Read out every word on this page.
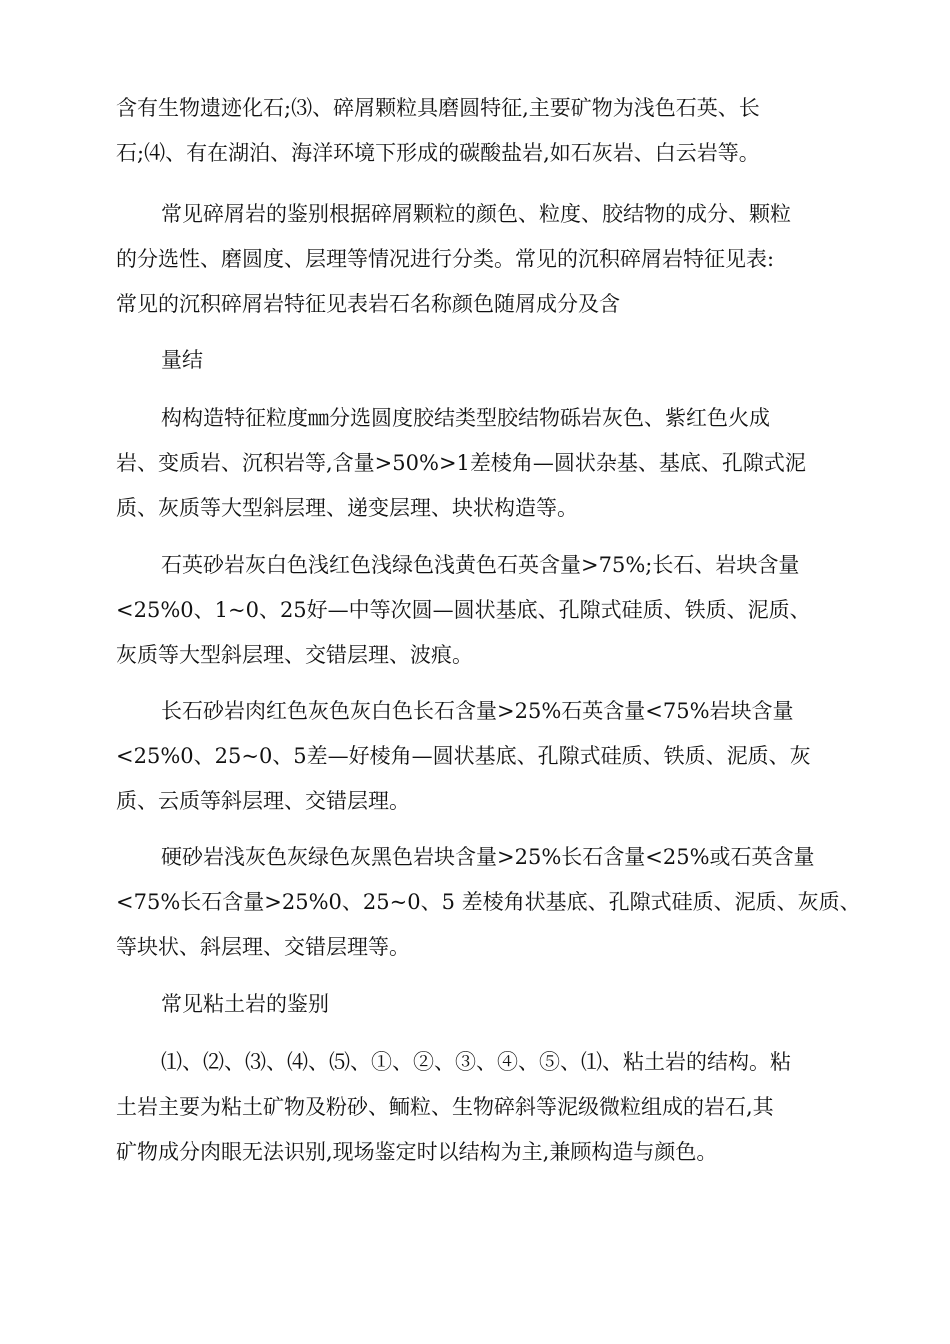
含有生物遗迹化石;⑶、碎屑颗粒具磨圆特征,主要矿物为浅色石英、长
石;⑷、有在湖泊、海洋环境下形成的碳酸盐岩,如石灰岩、白云岩等。
常见碎屑岩的鉴别根据碎屑颗粒的颜色、粒度、胶结物的成分、颗粒
的分选性、磨圆度、层理等情况进行分类。常见的沉积碎屑岩特征见表:
常见的沉积碎屑岩特征见表岩石名称颜色随屑成分及含
量结
构构造特征粒度㎜分选圆度胶结类型胶结物砾岩灰色、紫红色火成
岩、变质岩、沉积岩等,含量>50%>1差棱角—圆状杂基、基底、孔隙式泥
质、灰质等大型斜层理、递变层理、块状构造等。
石英砂岩灰白色浅红色浅绿色浅黄色石英含量>75%;长石、岩块含量
<25%0、1~0、25好—中等次圆—圆状基底、孔隙式硅质、铁质、泥质、
灰质等大型斜层理、交错层理、波痕。
长石砂岩肉红色灰色灰白色长石含量>25%石英含量<75%岩块含量
<25%0、25~0、5差—好棱角—圆状基底、孔隙式硅质、铁质、泥质、灰
质、云质等斜层理、交错层理。
硬砂岩浅灰色灰绿色灰黑色岩块含量>25%长石含量<25%或石英含量
<75%长石含量>25%0、25~0、5 差棱角状基底、孔隙式硅质、泥质、灰质、
等块状、斜层理、交错层理等。
常见粘土岩的鉴别
⑴、⑵、⑶、⑷、⑸、①、②、③、④、⑤、⑴、粘土岩的结构。粘
土岩主要为粘土矿物及粉砂、鲕粒、生物碎斜等泥级微粒组成的岩石,其
矿物成分肉眼无法识别,现场鉴定时以结构为主,兼顾构造与颜色。
